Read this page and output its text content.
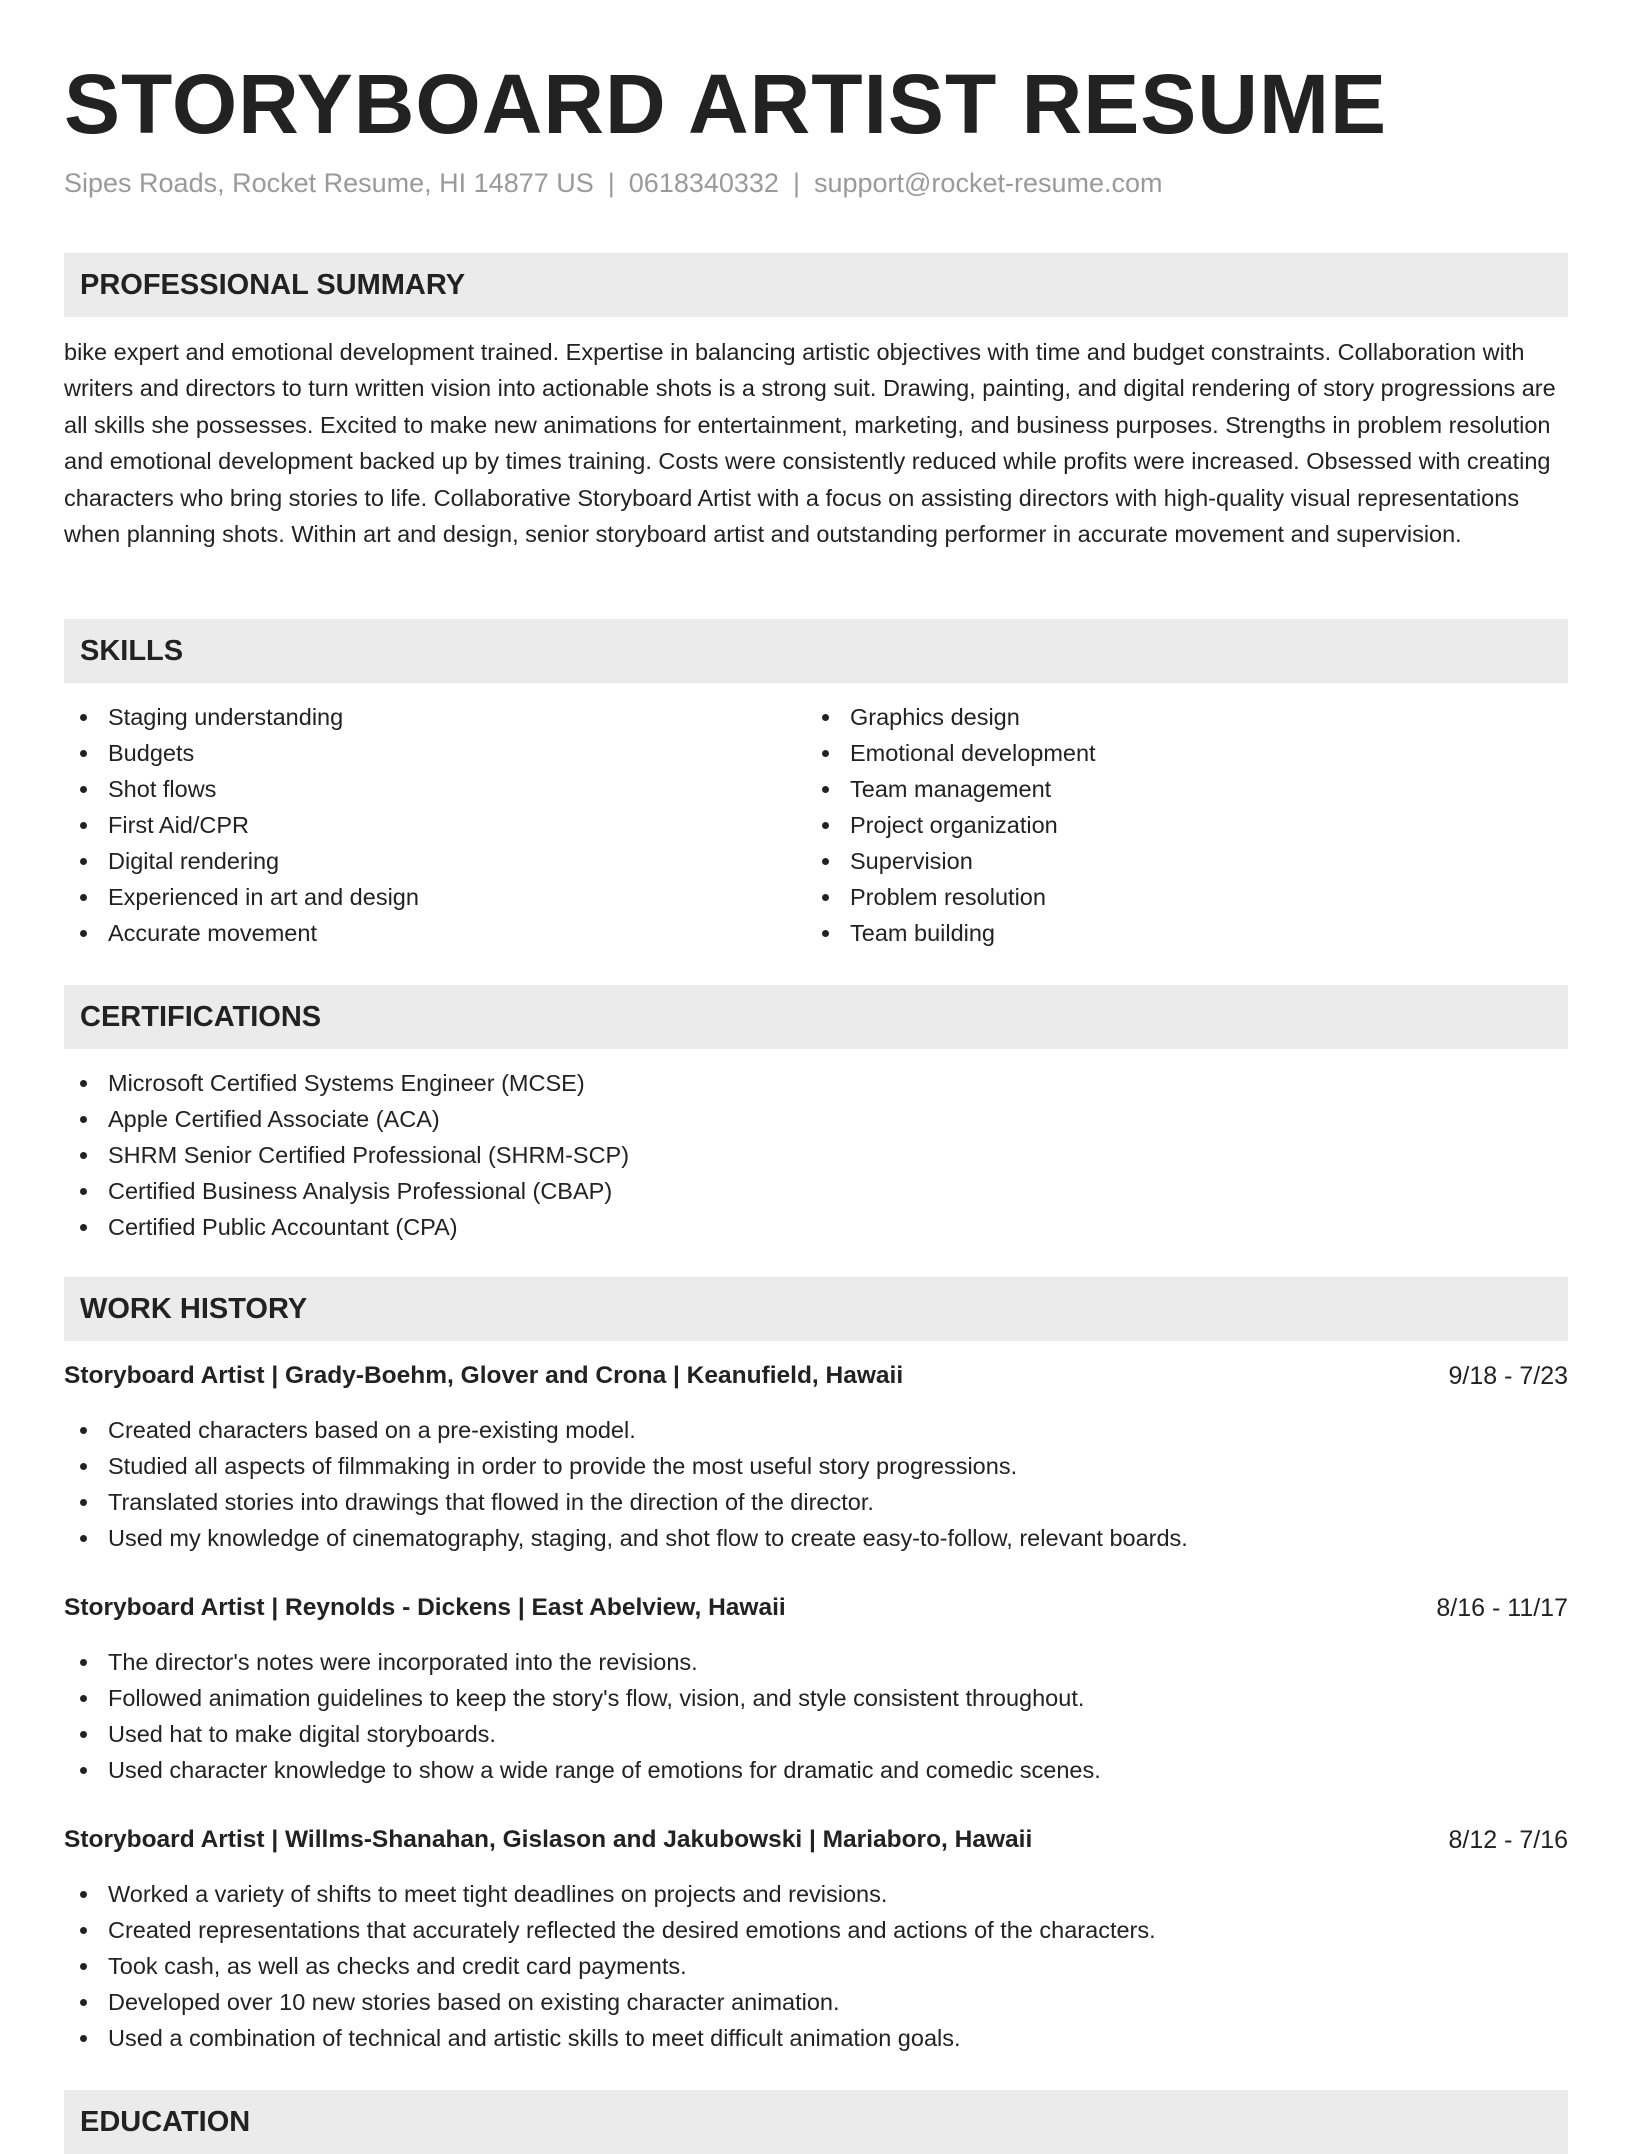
STORYBOARD ARTIST RESUME
Sipes Roads, Rocket Resume, HI 14877 US | 0618340332 | support@rocket-resume.com
PROFESSIONAL SUMMARY
bike expert and emotional development trained. Expertise in balancing artistic objectives with time and budget constraints. Collaboration with writers and directors to turn written vision into actionable shots is a strong suit. Drawing, painting, and digital rendering of story progressions are all skills she possesses. Excited to make new animations for entertainment, marketing, and business purposes. Strengths in problem resolution and emotional development backed up by times training. Costs were consistently reduced while profits were increased. Obsessed with creating characters who bring stories to life. Collaborative Storyboard Artist with a focus on assisting directors with high-quality visual representations when planning shots. Within art and design, senior storyboard artist and outstanding performer in accurate movement and supervision.
SKILLS
Staging understanding
Budgets
Shot flows
First Aid/CPR
Digital rendering
Experienced in art and design
Accurate movement
Graphics design
Emotional development
Team management
Project organization
Supervision
Problem resolution
Team building
CERTIFICATIONS
Microsoft Certified Systems Engineer (MCSE)
Apple Certified Associate (ACA)
SHRM Senior Certified Professional (SHRM-SCP)
Certified Business Analysis Professional (CBAP)
Certified Public Accountant (CPA)
WORK HISTORY
Storyboard Artist | Grady-Boehm, Glover and Crona | Keanufield, Hawaii	9/18 - 7/23
Created characters based on a pre-existing model.
Studied all aspects of filmmaking in order to provide the most useful story progressions.
Translated stories into drawings that flowed in the direction of the director.
Used my knowledge of cinematography, staging, and shot flow to create easy-to-follow, relevant boards.
Storyboard Artist | Reynolds - Dickens | East Abelview, Hawaii	8/16 - 11/17
The director's notes were incorporated into the revisions.
Followed animation guidelines to keep the story's flow, vision, and style consistent throughout.
Used hat to make digital storyboards.
Used character knowledge to show a wide range of emotions for dramatic and comedic scenes.
Storyboard Artist | Willms-Shanahan, Gislason and Jakubowski | Mariaboro, Hawaii	8/12 - 7/16
Worked a variety of shifts to meet tight deadlines on projects and revisions.
Created representations that accurately reflected the desired emotions and actions of the characters.
Took cash, as well as checks and credit card payments.
Developed over 10 new stories based on existing character animation.
Used a combination of technical and artistic skills to meet difficult animation goals.
EDUCATION
